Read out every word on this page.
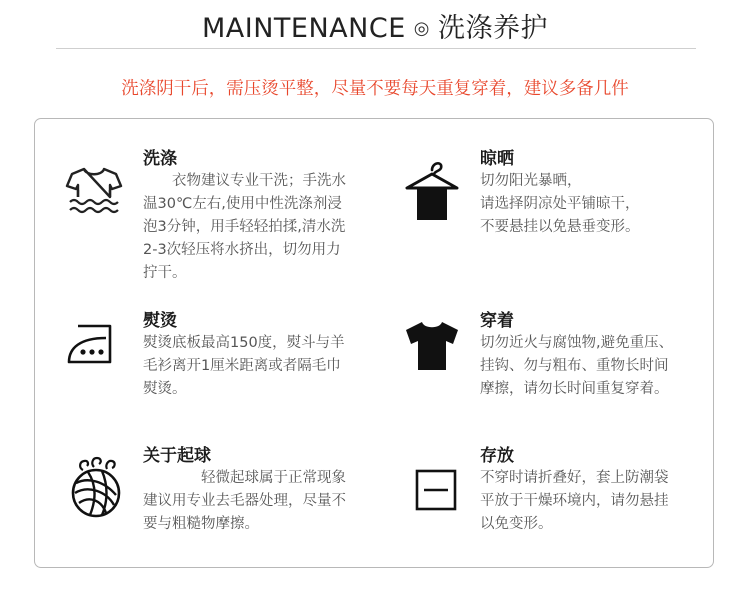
MAINTENANCE ◎ 洗涤养护
洗涤阴干后，需压烫平整，尽量不要每天重复穿着，建议多备几件
洗涤
　　衣物建议专业干洗；手洗水
温30℃左右,使用中性洗涤剂浸
泡3分钟，用手轻轻拍揉,清水洗
2-3次轻压将水挤出，切勿用力
拧干。
晾晒
切勿阳光暴晒，
请选择阴凉处平铺晾干，
不要悬挂以免悬垂变形。
熨烫
熨烫底板最高150度，熨斗与羊
毛衫离开1厘米距离或者隔毛巾
熨烫。
穿着
切勿近火与腐蚀物,避免重压、
挂钩、勿与粗布、重物长时间
摩擦，请勿长时间重复穿着。
关于起球
　　　　轻微起球属于正常现象
建议用专业去毛器处理，尽量不
要与粗糙物摩擦。
存放
不穿时请折叠好，套上防潮袋
平放于干燥环境内，请勿悬挂
以免变形。
